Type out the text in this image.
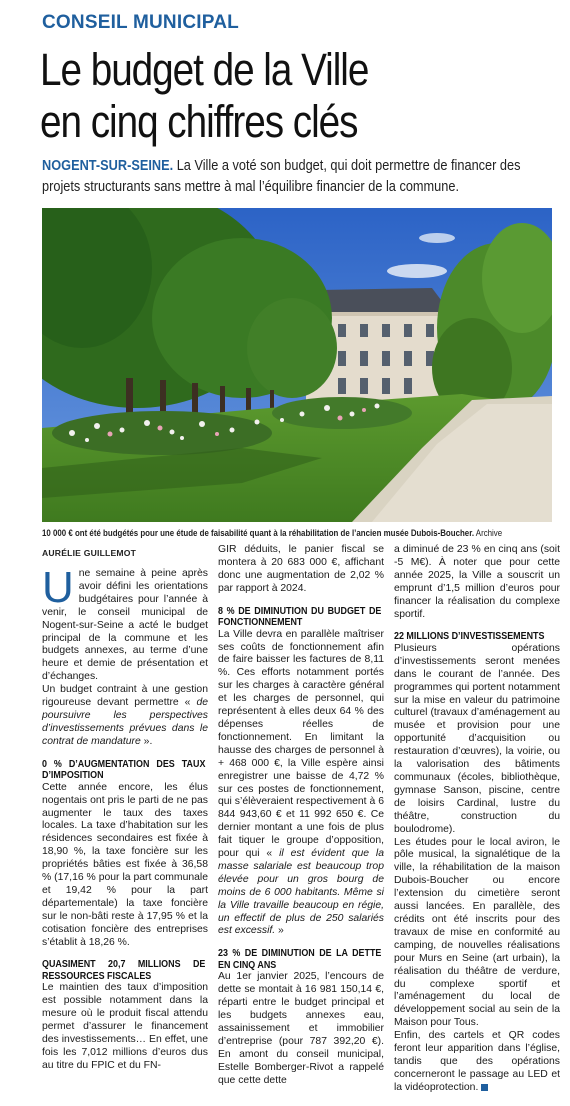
CONSEIL MUNICIPAL
Le budget de la Ville
en cinq chiffres clés
NOGENT-SUR-SEINE. La Ville a voté son budget, qui doit permettre de financer des projets structurants sans mettre à mal l’équilibre financier de la commune.
10 000 € ont été budgétés pour une étude de faisabilité quant à la réhabilitation de l’ancien musée Dubois-Boucher. Archive
AURÉLIE GUILLEMOT

Une semaine à peine après avoir défini les orientations budgétaires pour l’année à venir, le conseil municipal de Nogent-sur-Seine a acté le budget principal de la commune et les budgets annexes, au terme d’une heure et demie de présentation et d’échanges.

Un budget contraint à une gestion rigoureuse devant permettre « de poursuivre les perspectives d’investissements prévues dans le contrat de mandature ».

0 % D’AUGMENTATION DES TAUX D’IMPOSITION

Cette année encore, les élus nogentais ont pris le parti de ne pas augmenter le taux des taxes locales. La taxe d’habitation sur les résidences secondaires est fixée à 18,90 %, la taxe foncière sur les propriétés bâties est fixée à 36,58 % (17,16 % pour la part communale et 19,42 % pour la part départementale) la taxe foncière sur le non-bâti reste à 17,95 % et la cotisation foncière des entreprises s’établit à 18,26 %.

QUASIMENT 20,7 MILLIONS DE RESSOURCES FISCALES

Le maintien des taux d’imposition est possible notamment dans la mesure où le produit fiscal attendu permet d’assurer le financement des investissements… En effet, une fois les 7,012 millions d’euros dus au titre du FPIC et du FN-

GIR déduits, le panier fiscal se montera à 20 683 000 €, affichant donc une augmentation de 2,02 % par rapport à 2024.

8 % DE DIMINUTION DU BUDGET DE FONCTIONNEMENT

La Ville devra en parallèle maîtriser ses coûts de fonctionnement afin de faire baisser les factures de 8,11 %. Ces efforts notamment portés sur les charges à caractère général et les charges de personnel, qui représentent à elles deux 64 % des dépenses réelles de fonctionnement. En limitant la hausse des charges de personnel à + 468 000 €, la Ville espère ainsi enregistrer une baisse de 4,72 % sur ces postes de fonctionnement, qui s’élèveraient respectivement à 6 844 943,60 € et 11 992 650 €. Ce dernier montant a une fois de plus fait tiquer le groupe d’opposition, pour qui « il est évident que la masse salariale est beaucoup trop élevée pour un gros bourg de moins de 6 000 habitants. Même si la Ville travaille beaucoup en régie, un effectif de plus de 250 salariés est excessif. »

23 % DE DIMINUTION DE LA DETTE EN CINQ ANS

Au 1er janvier 2025, l’encours de dette se montait à 16 981 150,14 €, réparti entre le budget principal et les budgets annexes eau, assainissement et immobilier d’entreprise (pour 787 392,20 €). En amont du conseil municipal, Estelle Bomberger-Rivot a rappelé que cette dette

a diminué de 23 % en cinq ans (soit -5 M€). À noter que pour cette année 2025, la Ville a souscrit un emprunt d’1,5 million d’euros pour financer la réalisation du complexe sportif.

22 MILLIONS D’INVESTISSEMENTS

Plusieurs opérations d’investissements seront menées dans le courant de l’année. Des programmes qui portent notamment sur la mise en valeur du patrimoine culturel (travaux d’aménagement au musée et provision pour une opportunité d’acquisition ou restauration d’œuvres), la voirie, ou la valorisation des bâtiments communaux (écoles, bibliothèque, gymnase Sanson, piscine, centre de loisirs Cardinal, lustre du théâtre, construction du boulodrome).

Les études pour le local aviron, le pôle musical, la signalétique de la ville, la réhabilitation de la maison Dubois-Boucher ou encore l’extension du cimetière seront aussi lancées. En parallèle, des crédits ont été inscrits pour des travaux de mise en conformité au camping, de nouvelles réalisations pour Murs en Seine (art urbain), la réalisation du théâtre de verdure, du complexe sportif et l’aménagement du local de développement social au sein de la Maison pour Tous.

Enfin, des cartels et QR codes feront leur apparition dans l’église, tandis que des opérations concerneront le passage au LED et la vidéoprotection.
